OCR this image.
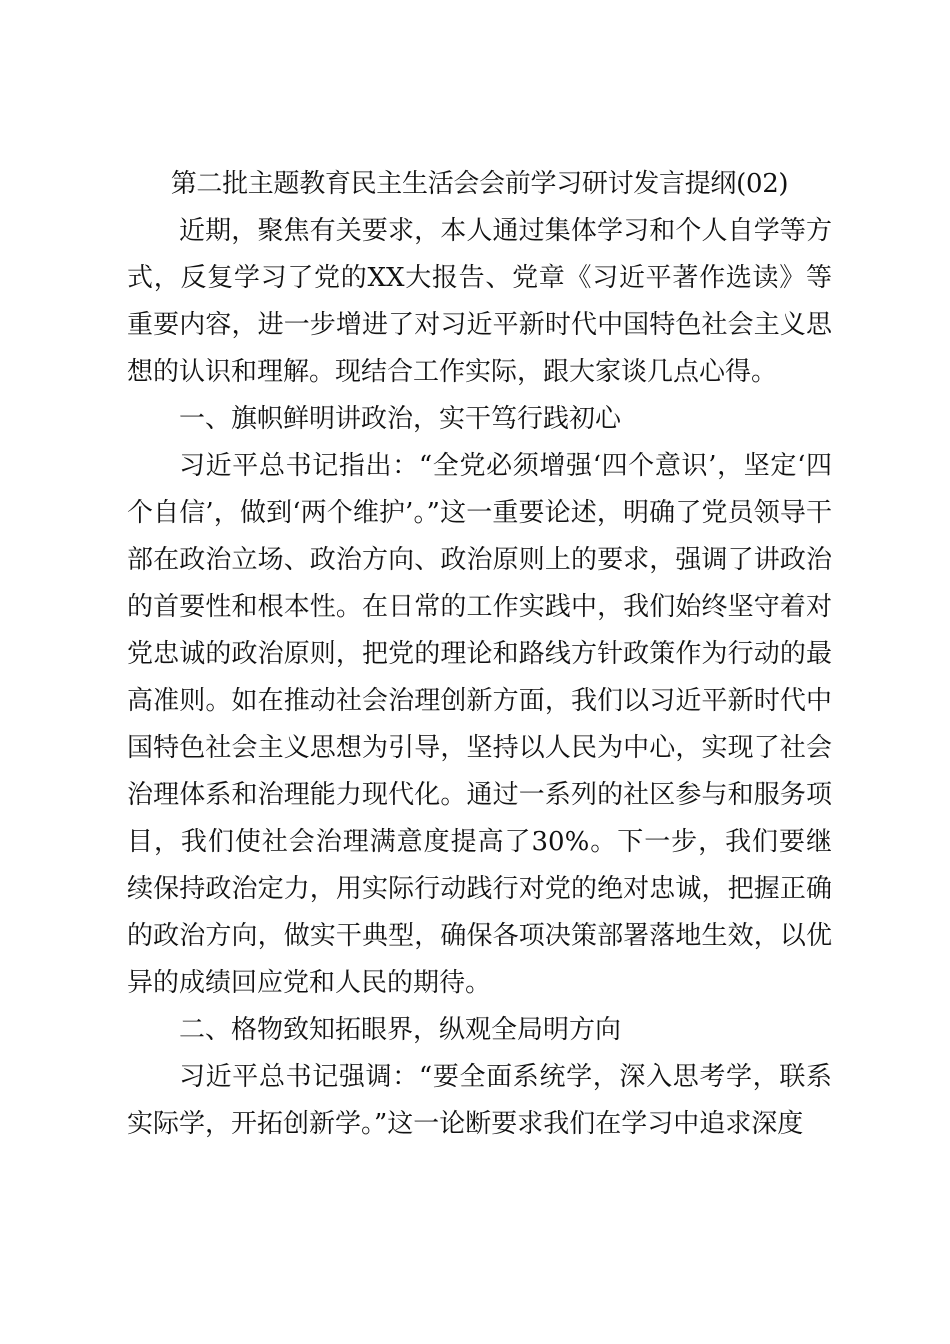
第二批主题教育民主生活会会前学习研讨发言提纲(02)

近期，聚焦有关要求，本人通过集体学习和个人自学等方式，反复学习了党的XX大报告、党章《习近平著作选读》等重要内容，进一步增进了对习近平新时代中国特色社会主义思想的认识和理解。现结合工作实际，跟大家谈几点心得。

一、旗帜鲜明讲政治，实干笃行践初心

习近平总书记指出：“全党必须增强‘四个意识’，坚定‘四个自信’，做到‘两个维护’。”这一重要论述，明确了党员领导干部在政治立场、政治方向、政治原则上的要求，强调了讲政治的首要性和根本性。在日常的工作实践中，我们始终坚守着对党忠诚的政治原则，把党的理论和路线方针政策作为行动的最高准则。如在推动社会治理创新方面，我们以习近平新时代中国特色社会主义思想为引导，坚持以人民为中心，实现了社会治理体系和治理能力现代化。通过一系列的社区参与和服务项目，我们使社会治理满意度提高了30%。下一步，我们要继续保持政治定力，用实际行动践行对党的绝对忠诚，把握正确的政治方向，做实干典型，确保各项决策部署落地生效，以优异的成绩回应党和人民的期待。

二、格物致知拓眼界，纵观全局明方向

习近平总书记强调：“要全面系统学，深入思考学，联系实际学，开拓创新学。”这一论断要求我们在学习中追求深度
